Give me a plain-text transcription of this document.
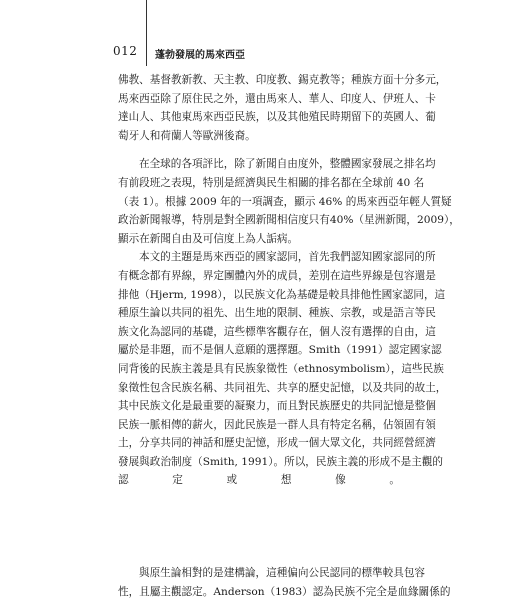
012 蓬勃發展的馬來西亞
佛教、基督教新教、天主教、印度教、錫克教等；種族方面十分多元，
馬來西亞除了原住民之外，還由馬來人、華人、印度人、伊班人、卡
達山人、其他東馬來西亞民族，以及其他殖民時期留下的英國人、葡
萄牙人和荷蘭人等歐洲後裔。
在全球的各項評比，除了新聞自由度外，整體國家發展之排名均
有前段班之表現，特別是經濟與民生相關的排名都在全球前 40 名
（表 1）。根據 2009 年的一項調查，顯示 46% 的馬來西亞年輕人質疑
政治新聞報導，特別是對全國新聞相信度只有40%（星洲新聞，2009），
顯示在新聞自由及可信度上為人詬病。
本文的主題是馬來西亞的國家認同，首先我們認知國家認同的所
有概念都有界線，界定團體內外的成員，差別在這些界線是包容還是
排他（Hjerm, 1998），以民族文化為基礎是較具排他性國家認同，這
種原生論以共同的祖先、出生地的限制、種族、宗教，或是語言等民
族文化為認同的基礎，這些標準客觀存在，個人沒有選擇的自由，這
屬於是非題，而不是個人意願的選擇題。Smith（1991）認定國家認
同背後的民族主義是具有民族象徵性（ethnosymbolism），這些民族
象徵性包含民族名稱、共同祖先、共享的歷史記憶，以及共同的故土，
其中民族文化是最重要的凝聚力，而且對民族歷史的共同記憶是整個
民族一脈相傳的薪火，因此民族是一群人具有特定名稱，佔領固有領
土，分享共同的神話和歷史記憶，形成一個大眾文化，共同經營經濟
發展與政治制度（Smith, 1991）。所以，民族主義的形成不是主觀的
認定或想像。
與原生論相對的是建構論，這種偏向公民認同的標準較具包容
性，且屬主觀認定。Anderson（1983）認為民族不完全是血緣關係的
